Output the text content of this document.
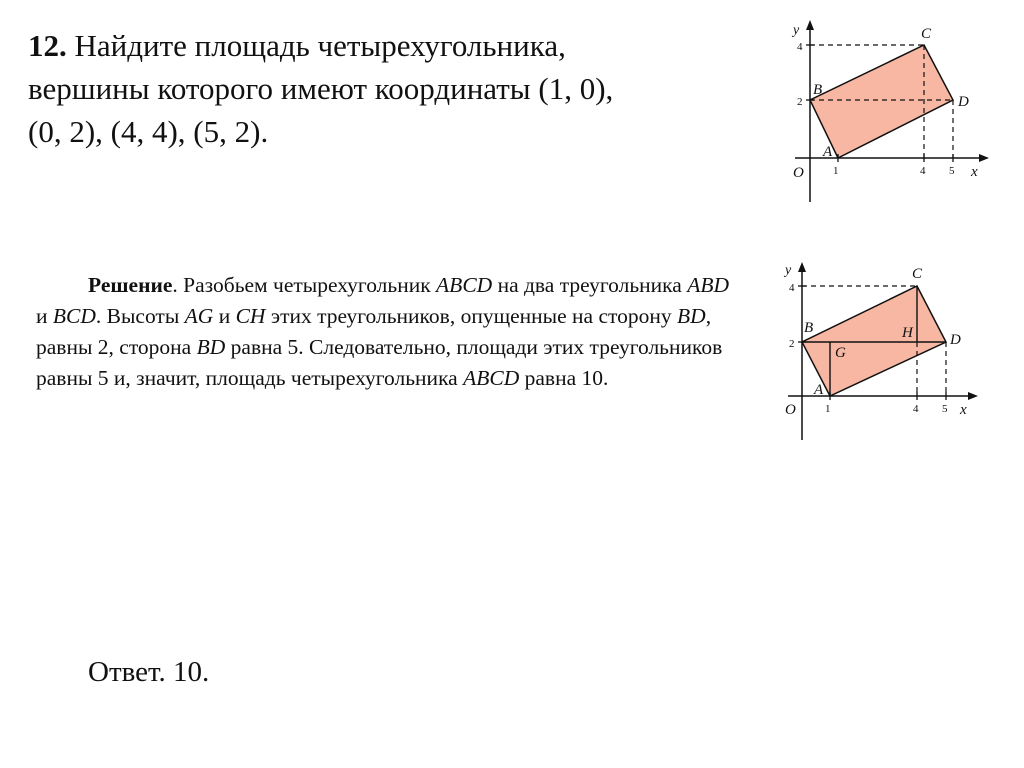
12. Найдите площадь четырехугольника,
вершины которого имеют координаты (1, 0),
(0, 2), (4, 4), (5, 2).
y
x
O	1	4 5
2
4
A
B
C
D
Решение. Разобьем четырехугольник ABCD на два треугольника ABD и BCD. Высоты AG и CH этих треугольников, опущенные на сторону BD, равны 2, сторона BD равна 5. Следовательно, площади этих треугольников равны 5 и, значит, площадь четырехугольника ABCD равна 10.
y
x
O	1	4 5
2
4
A
B
C
D
G
H
Ответ. 10.
